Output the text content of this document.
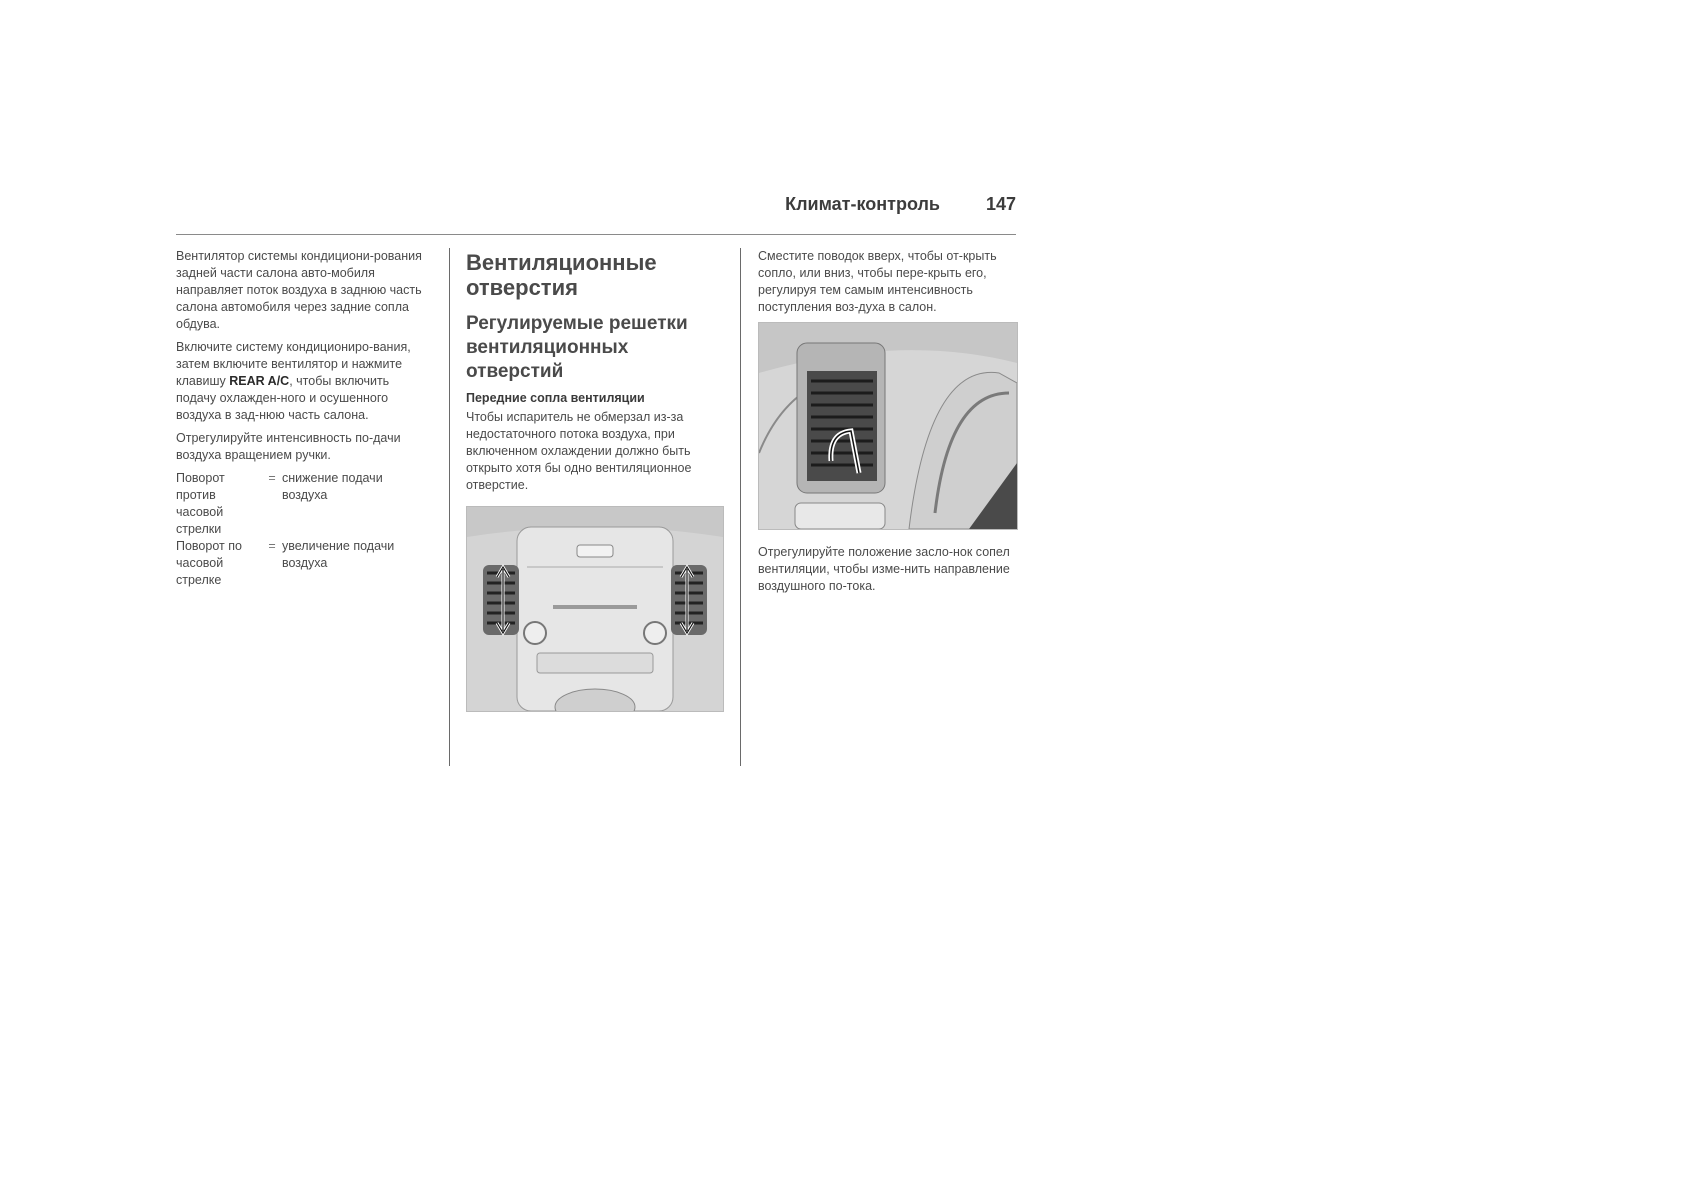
Климат-контроль	147

Вентилятор системы кондициони-рования задней части салона авто-мобиля направляет поток воздуха в заднюю часть салона автомобиля через задние сопла обдува.

Включите систему кондициониро-вания, затем включите вентилятор и нажмите клавишу REAR A/C, чтобы включить подачу охлажден-ного и осушенного воздуха в зад-нюю часть салона.

Отрегулируйте интенсивность по-дачи воздуха вращением ручки.

Поворот против часовой стрелки
= снижение подачи воздуха
Поворот по часовой стрелке
= увеличение подачи воздуха
Вентиляционные отверстия
Регулируемые решетки вентиляционных отверстий
Передние сопла вентиляции

Чтобы испаритель не обмерзал из-за недостаточного потока воздуха, при включенном охлаждении должно быть открыто хотя бы одно вентиляционное отверстие.

Сместите поводок вверх, чтобы от-крыть сопло, или вниз, чтобы пере-крыть его, регулируя тем самым интенсивность поступления воз-духа в салон.

Отрегулируйте положение засло-нок сопел вентиляции, чтобы изме-нить направление воздушного по-тока.
